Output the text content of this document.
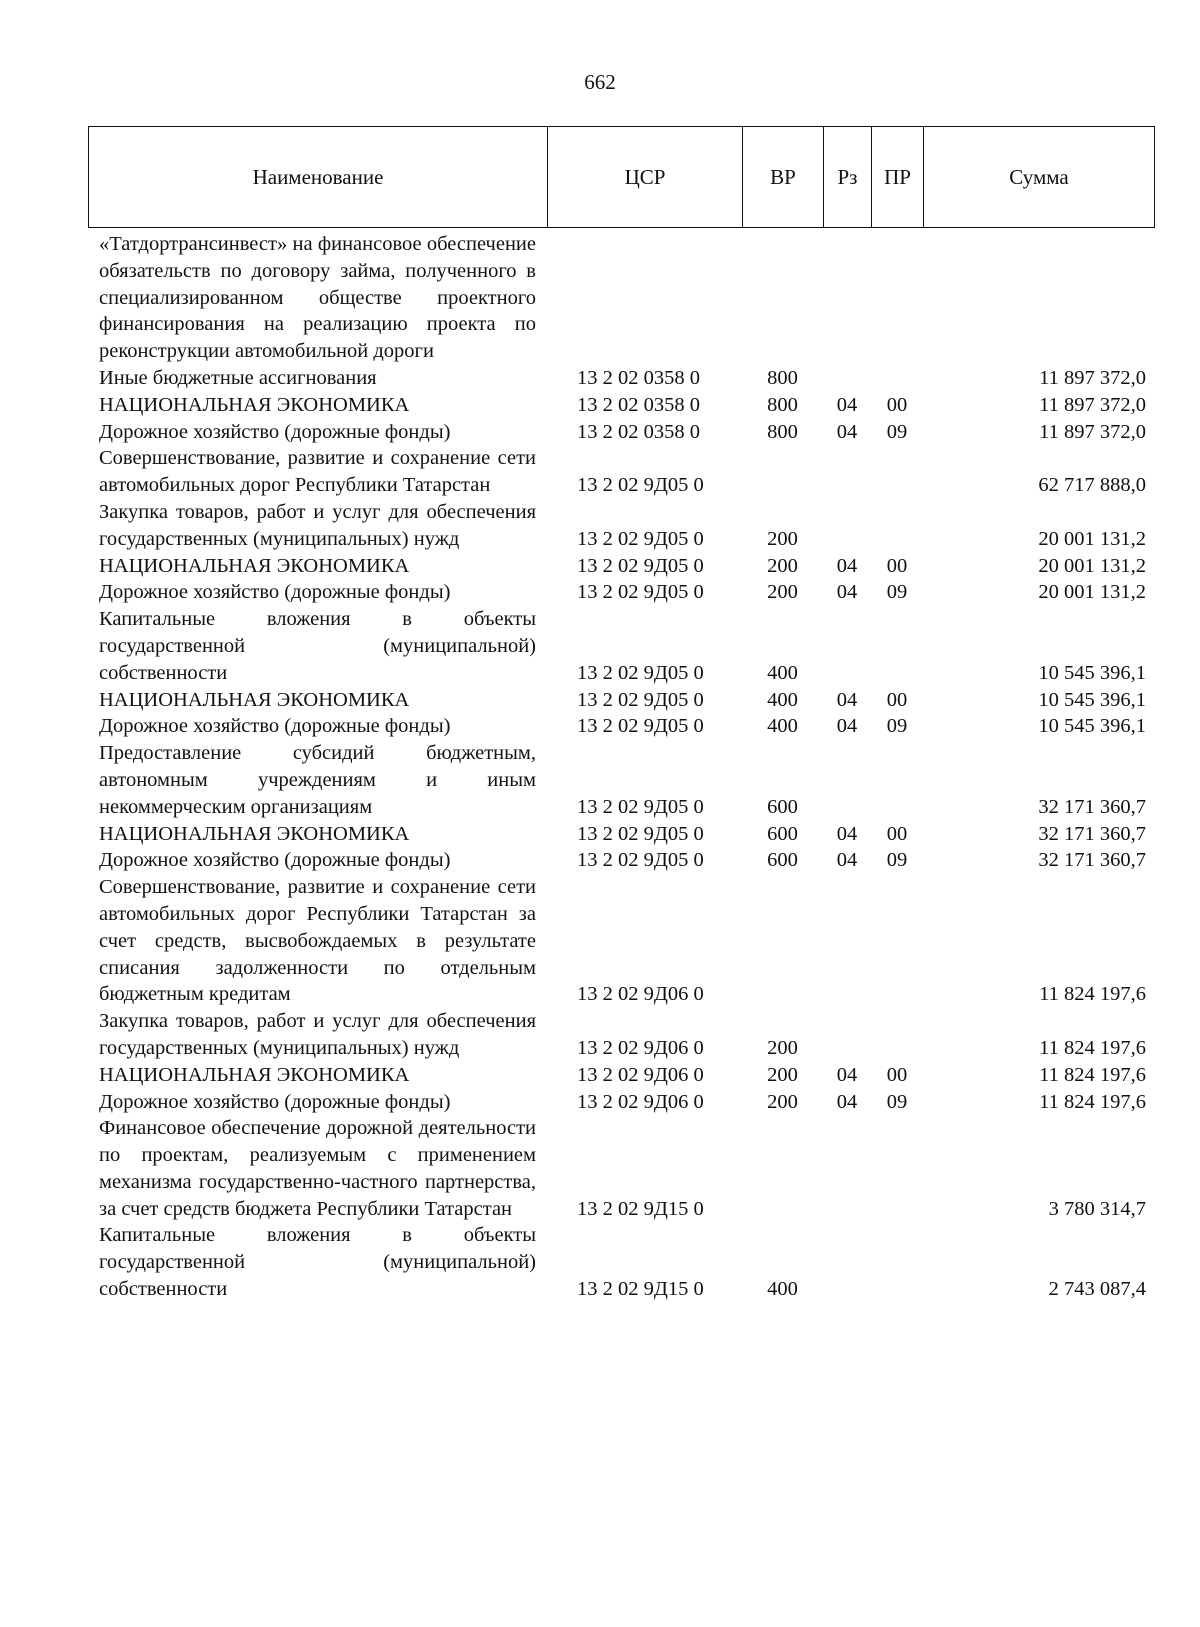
662
Наименование	ЦСР	ВР	Рз	ПР	Сумма
«Татдортрансинвест» на финансовое обеспечение обязательств по договору займа, полученного в специализированном обществе проектного финансирования на реализацию проекта по реконструкции автомобильной дороги					
Иные бюджетные ассигнования	13 2 02 0358 0	800			11 897 372,0
НАЦИОНАЛЬНАЯ ЭКОНОМИКА	13 2 02 0358 0	800	04	00	11 897 372,0
Дорожное хозяйство (дорожные фонды)	13 2 02 0358 0	800	04	09	11 897 372,0
Совершенствование, развитие и сохранение сети автомобильных дорог Республики Татарстан	13 2 02 9Д05 0				62 717 888,0
Закупка товаров, работ и услуг для обеспечения государственных (муниципальных) нужд	13 2 02 9Д05 0	200			20 001 131,2
НАЦИОНАЛЬНАЯ ЭКОНОМИКА	13 2 02 9Д05 0	200	04	00	20 001 131,2
Дорожное хозяйство (дорожные фонды)	13 2 02 9Д05 0	200	04	09	20 001 131,2
Капитальные вложения в объекты государственной (муниципальной) собственности	13 2 02 9Д05 0	400			10 545 396,1
НАЦИОНАЛЬНАЯ ЭКОНОМИКА	13 2 02 9Д05 0	400	04	00	10 545 396,1
Дорожное хозяйство (дорожные фонды)	13 2 02 9Д05 0	400	04	09	10 545 396,1
Предоставление субсидий бюджетным, автономным учреждениям и иным некоммерческим организациям	13 2 02 9Д05 0	600			32 171 360,7
НАЦИОНАЛЬНАЯ ЭКОНОМИКА	13 2 02 9Д05 0	600	04	00	32 171 360,7
Дорожное хозяйство (дорожные фонды)	13 2 02 9Д05 0	600	04	09	32 171 360,7
Совершенствование, развитие и сохранение сети автомобильных дорог Республики Татарстан за счет средств, высвобождаемых в результате списания задолженности по отдельным бюджетным кредитам	13 2 02 9Д06 0				11 824 197,6
Закупка товаров, работ и услуг для обеспечения государственных (муниципальных) нужд	13 2 02 9Д06 0	200			11 824 197,6
НАЦИОНАЛЬНАЯ ЭКОНОМИКА	13 2 02 9Д06 0	200	04	00	11 824 197,6
Дорожное хозяйство (дорожные фонды)	13 2 02 9Д06 0	200	04	09	11 824 197,6
Финансовое обеспечение дорожной деятельности по проектам, реализуемым с применением механизма государственно-частного партнерства, за счет средств бюджета Республики Татарстан	13 2 02 9Д15 0				3 780 314,7
Капитальные вложения в объекты государственной (муниципальной) собственности	13 2 02 9Д15 0	400			2 743 087,4
